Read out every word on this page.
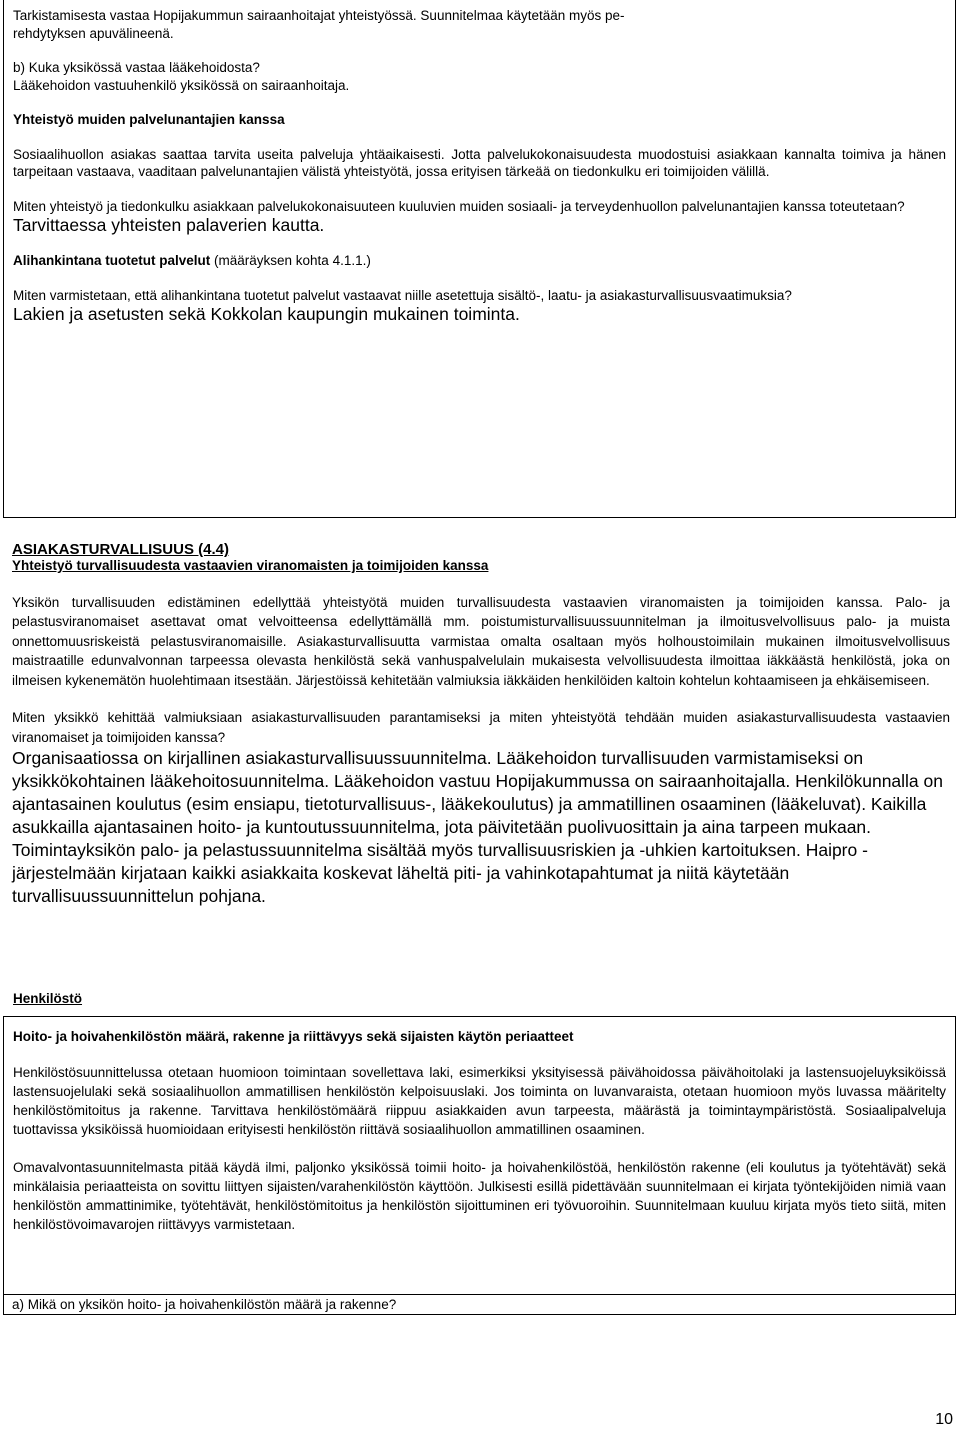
Tarkistamisesta vastaa Hopijakummun sairaanhoitajat yhteistyössä. Suunnitelmaa käytetään myös pe-

rehdytyksen apuvälineenä.

b) Kuka yksikössä vastaa lääkehoidosta?

Lääkehoidon vastuuhenkilö yksikössä on sairaanhoitaja.

Yhteistyö muiden palvelunantajien kanssa

Sosiaalihuollon asiakas saattaa tarvita useita palveluja yhtäaikaisesti. Jotta palvelukokonaisuudesta muodostuisi asiakkaan kannalta toimiva ja hänen tarpeitaan vastaava, vaaditaan palvelunantajien välistä yhteistyötä, jossa erityisen tärkeää on tiedonkulku eri toimijoiden välillä.

Miten yhteistyö ja tiedonkulku asiakkaan palvelukokonaisuuteen kuuluvien muiden sosiaali- ja terveydenhuollon palvelunantajien kanssa toteutetaan?

Tarvittaessa yhteisten palaverien kautta.

Alihankintana tuotetut palvelut (määräyksen kohta 4.1.1.)

Miten varmistetaan, että alihankintana tuotetut palvelut vastaavat niille asetettuja sisältö-, laatu- ja asiakasturvallisuusvaatimuksia?

Lakien ja asetusten sekä Kokkolan kaupungin mukainen toiminta.

ASIAKASTURVALLISUUS (4.4)

Yhteistyö turvallisuudesta vastaavien viranomaisten ja toimijoiden kanssa

Yksikön turvallisuuden edistäminen edellyttää yhteistyötä muiden turvallisuudesta vastaavien viranomaisten ja toimijoiden kanssa. Palo- ja pelastusviranomaiset asettavat omat velvoitteensa edellyttämällä mm. poistumisturvallisuussuunnitelman ja ilmoitusvelvollisuus palo- ja muista onnettomuusriskeistä pelastusviranomaisille. Asiakasturvallisuutta varmistaa omalta osaltaan myös holhoustoimilain mukainen ilmoitusvelvollisuus maistraatille edunvalvonnan tarpeessa olevasta henkilöstä sekä vanhuspalvelulain mukaisesta velvollisuudesta ilmoittaa iäkkäästä henkilöstä, joka on ilmeisen kykenemätön huolehtimaan itsestään. Järjestöissä kehitetään valmiuksia iäkkäiden henkilöiden kaltoin kohtelun kohtaamiseen ja ehkäisemiseen.

Miten yksikkö kehittää valmiuksiaan asiakasturvallisuuden parantamiseksi ja miten yhteistyötä tehdään muiden asiakasturvallisuudesta vastaavien viranomaiset ja toimijoiden kanssa?

Organisaatiossa on kirjallinen asiakasturvallisuussuunnitelma. Lääkehoidon turvallisuuden varmistamiseksi on yksikkökohtainen lääkehoitosuunnitelma. Lääkehoidon vastuu Hopijakummussa on sairaanhoitajalla. Henkilökunnalla on ajantasainen koulutus (esim ensiapu, tietoturvallisuus-, lääkekoulutus) ja ammatillinen osaaminen (lääkeluvat). Kaikilla asukkailla ajantasainen hoito- ja kuntoutussuunnitelma, jota päivitetään puolivuosittain ja aina tarpeen mukaan.

Toimintayksikön palo- ja pelastussuunnitelma sisältää myös turvallisuusriskien ja -uhkien kartoituksen. Haipro -järjestelmään kirjataan kaikki asiakkaita koskevat läheltä piti- ja vahinkotapahtumat ja niitä käytetään turvallisuussuunnittelun pohjana.

Henkilöstö

Hoito- ja hoivahenkilöstön määrä, rakenne ja riittävyys sekä sijaisten käytön periaatteet

Henkilöstösuunnittelussa otetaan huomioon toimintaan sovellettava laki, esimerkiksi yksityisessä päivähoidossa päivähoitolaki ja lastensuojeluyksiköissä lastensuojelulaki sekä sosiaalihuollon ammatillisen henkilöstön kelpoisuuslaki. Jos toiminta on luvanvaraista, otetaan huomioon myös luvassa määritelty henkilöstömitoitus ja rakenne. Tarvittava henkilöstömäärä riippuu asiakkaiden avun tarpeesta, määrästä ja toimintaympäristöstä. Sosiaalipalveluja tuottavissa yksiköissä huomioidaan erityisesti henkilöstön riittävä sosiaalihuollon ammatillinen osaaminen.

Omavalvontasuunnitelmasta pitää käydä ilmi, paljonko yksikössä toimii hoito- ja hoivahenkilöstöä, henkilöstön rakenne (eli koulutus ja työtehtävät) sekä minkälaisia periaatteista on sovittu liittyen sijaisten/varahenkilöstön käyttöön. Julkisesti esillä pidettävään suunnitelmaan ei kirjata työntekijöiden nimiä vaan henkilöstön ammattinimike, työtehtävät, henkilöstömitoitus ja henkilöstön sijoittuminen eri työvuoroihin. Suunnitelmaan kuuluu kirjata myös tieto siitä, miten henkilöstövoimavarojen riittävyys varmistetaan.

a) Mikä on yksikön hoito- ja hoivahenkilöstön määrä ja rakenne?

10
